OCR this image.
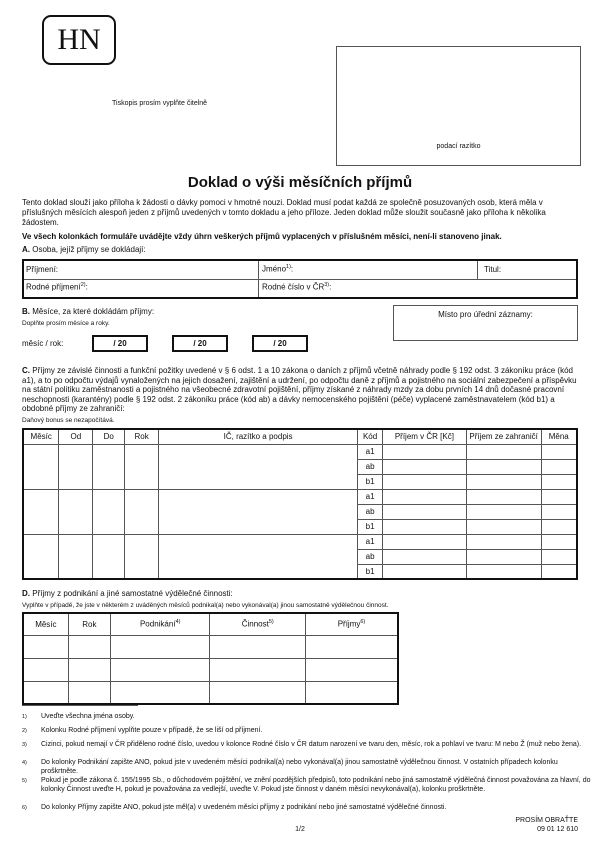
HN
Tiskopis prosím vyplňte čitelně
podací razítko
Doklad o výši měsíčních příjmů
Tento doklad slouží jako příloha k žádosti o dávky pomoci v hmotné nouzi. Doklad musí podat každá ze společně posuzovaných osob, která měla v příslušných měsících alespoň jeden z příjmů uvedených v tomto dokladu a jeho příloze. Jeden doklad může sloužit současně jako příloha k několika žádostem.
Ve všech kolonkách formuláře uvádějte vždy úhrn veškerých příjmů vyplacených v příslušném měsíci, není-li stanoveno jinak.
A. Osoba, jejíž příjmy se dokládají:
Příjmení:	Jméno$^{1)}$:	Titul:
Rodné příjmení$^{2)}$:	Rodné číslo v ČR$^{3)}$:
B. Měsíce, za které dokládám příjmy:
Doplňte prosím měsíce a roky.
měsíc / rok:	/ 20	/ 20	/ 20
Místo pro úřední záznamy:
C. Příjmy ze závislé činnosti a funkční požitky uvedené v § 6 odst. 1 a 10 zákona o daních z příjmů včetně náhrady podle § 192 odst. 3 zákoníku práce (kód a1), a to po odpočtu výdajů vynaložených na jejich dosažení, zajištění a udržení, po odpočtu daně z příjmů a pojistného na sociální zabezpečení a příspěvku na státní politiku zaměstnanosti a pojistného na všeobecné zdravotní pojištění, příjmy získané z náhrady mzdy za dobu prvních 14 dnů dočasné pracovní neschopnosti (karantény) podle § 192 odst. 2 zákoníku práce (kód ab) a dávky nemocenského pojištění (péče) vyplacené zaměstnavatelem (kód b1) a obdobné příjmy ze zahraničí:
Daňový bonus se nezapočítává.
Měsíc	Od	Do	Rok	IČ, razítko a podpis	Kód	Příjem v ČR [Kč]	Příjem ze zahraničí	Měna
					a1			
					ab			
					b1			
					a1			
					ab			
					b1			
					a1			
					ab			
					b1			
D. Příjmy z podnikání a jiné samostatné výdělečné činnosti:
Vyplňte v případě, že jste v některém z uváděných měsíců podnikal(a) nebo vykonával(a) jinou samostatně výdělečnou činnost.
Měsíc	Rok	Podnikání$^{4)}$	Činnost$^{5)}$	Příjmy$^{6)}$

1) Uveďte všechna jména osoby.
2) Kolonku Rodné příjmení vyplňte pouze v případě, že se liší od příjmení.
3) Cizinci, pokud nemají v ČR přiděleno rodné číslo, uvedou v kolonce Rodné číslo v ČR datum narození ve tvaru den, měsíc, rok a pohlaví ve tvaru: M nebo Ž (muž nebo žena).
4) Do kolonky Podnikání zapište ANO, pokud jste v uvedeném měsíci podnikal(a) nebo vykonával(a) jinou samostatně výdělečnou činnost. V ostatních případech kolonku proškrtněte.
5) Pokud je podle zákona č. 155/1995 Sb., o důchodovém pojištění, ve znění pozdějších předpisů, toto podnikání nebo jiná samostatně výdělečná činnost považována za hlavní, do kolonky Činnost uveďte H, pokud je považována za vedlejší, uveďte V. Pokud jste činnost v daném měsíci nevykonával(a), kolonku proškrtněte.
6) Do kolonky Příjmy zapište ANO, pokud jste měl(a) v uvedeném měsíci příjmy z podnikání nebo jiné samostatné výdělečné činnosti.
PROSÍM OBRAŤTE
1/2	09 01 12 610
